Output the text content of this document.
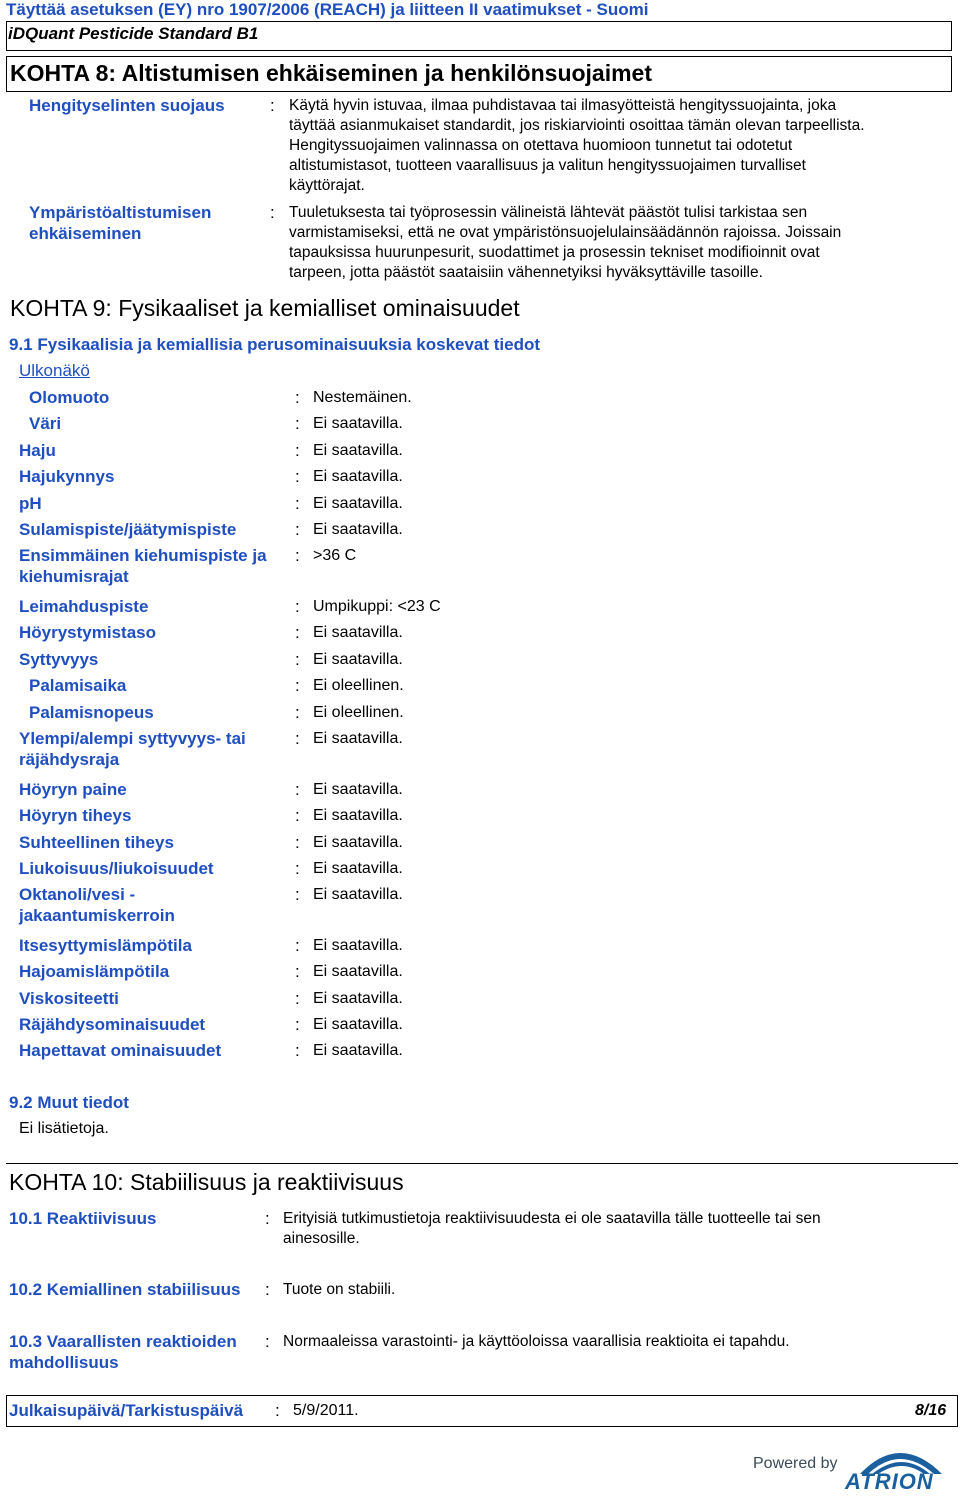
Täyttää asetuksen (EY) nro 1907/2006 (REACH) ja liitteen II vaatimukset - Suomi
iDQuant Pesticide Standard B1
KOHTA 8: Altistumisen ehkäiseminen ja henkilönsuojaimet
Hengityselinten suojaus	: Käytä hyvin istuvaa, ilmaa puhdistavaa tai ilmasyötteistä hengityssuojainta, joka
täyttää asianmukaiset standardit, jos riskiarviointi osoittaa tämän olevan tarpeellista.
Hengityssuojaimen valinnassa on otettava huomioon tunnetut tai odotetut
altistumistasot, tuotteen vaarallisuus ja valitun hengityssuojaimen turvalliset
käyttörajat.
Ympäristöaltistumisen
ehkäiseminen
: Tuuletuksesta tai työprosessin välineistä lähtevät päästöt tulisi tarkistaa sen
varmistamiseksi, että ne ovat ympäristönsuojelulainsäädännön rajoissa. Joissain
tapauksissa huurunpesurit, suodattimet ja prosessin tekniset modifioinnit ovat
tarpeen, jotta päästöt saataisiin vähennetyiksi hyväksyttäville tasoille.
KOHTA 9: Fysikaaliset ja kemialliset ominaisuudet
9.1 Fysikaalisia ja kemiallisia perusominaisuuksia koskevat tiedot
Ulkonäkö
Olomuoto	: Nestemäinen.
Väri	: Ei saatavilla.
Haju	: Ei saatavilla.
Hajukynnys	: Ei saatavilla.
pH	: Ei saatavilla.
Sulamispiste/jäätymispiste	: Ei saatavilla.
Ensimmäinen kiehumispiste ja
kiehumisrajat
: >36 C
Leimahduspiste	: Umpikuppi: <23 C
Höyrystymistaso	: Ei saatavilla.
Syttyvyys	: Ei saatavilla.
Palamisaika	: Ei oleellinen.
Palamisnopeus	: Ei oleellinen.
Ylempi/alempi syttyvyys- tai
räjähdysraja
: Ei saatavilla.
Höyryn paine	: Ei saatavilla.
Höyryn tiheys	: Ei saatavilla.
Suhteellinen tiheys	: Ei saatavilla.
Liukoisuus/liukoisuudet	: Ei saatavilla.
Oktanoli/vesi -
jakaantumiskerroin
: Ei saatavilla.
Itsesyttymislämpötila	: Ei saatavilla.
Hajoamislämpötila	: Ei saatavilla.
Viskositeetti	: Ei saatavilla.
Räjähdysominaisuudet	: Ei saatavilla.
Hapettavat ominaisuudet	: Ei saatavilla.
9.2 Muut tiedot
Ei lisätietoja.
KOHTA 10: Stabiilisuus ja reaktiivisuus
10.1 Reaktiivisuus	: Erityisiä tutkimustietoja reaktiivisuudesta ei ole saatavilla tälle tuotteelle tai sen
ainesosille.
10.2 Kemiallinen stabiilisuus : Tuote on stabiili.
10.3 Vaarallisten reaktioiden
mahdollisuus
: Normaaleissa varastointi- ja käyttöoloissa vaarallisia reaktioita ei tapahdu.
Julkaisupäivä/Tarkistuspäivä : 5/9/2011.	8/16
Powered by
ATRION
